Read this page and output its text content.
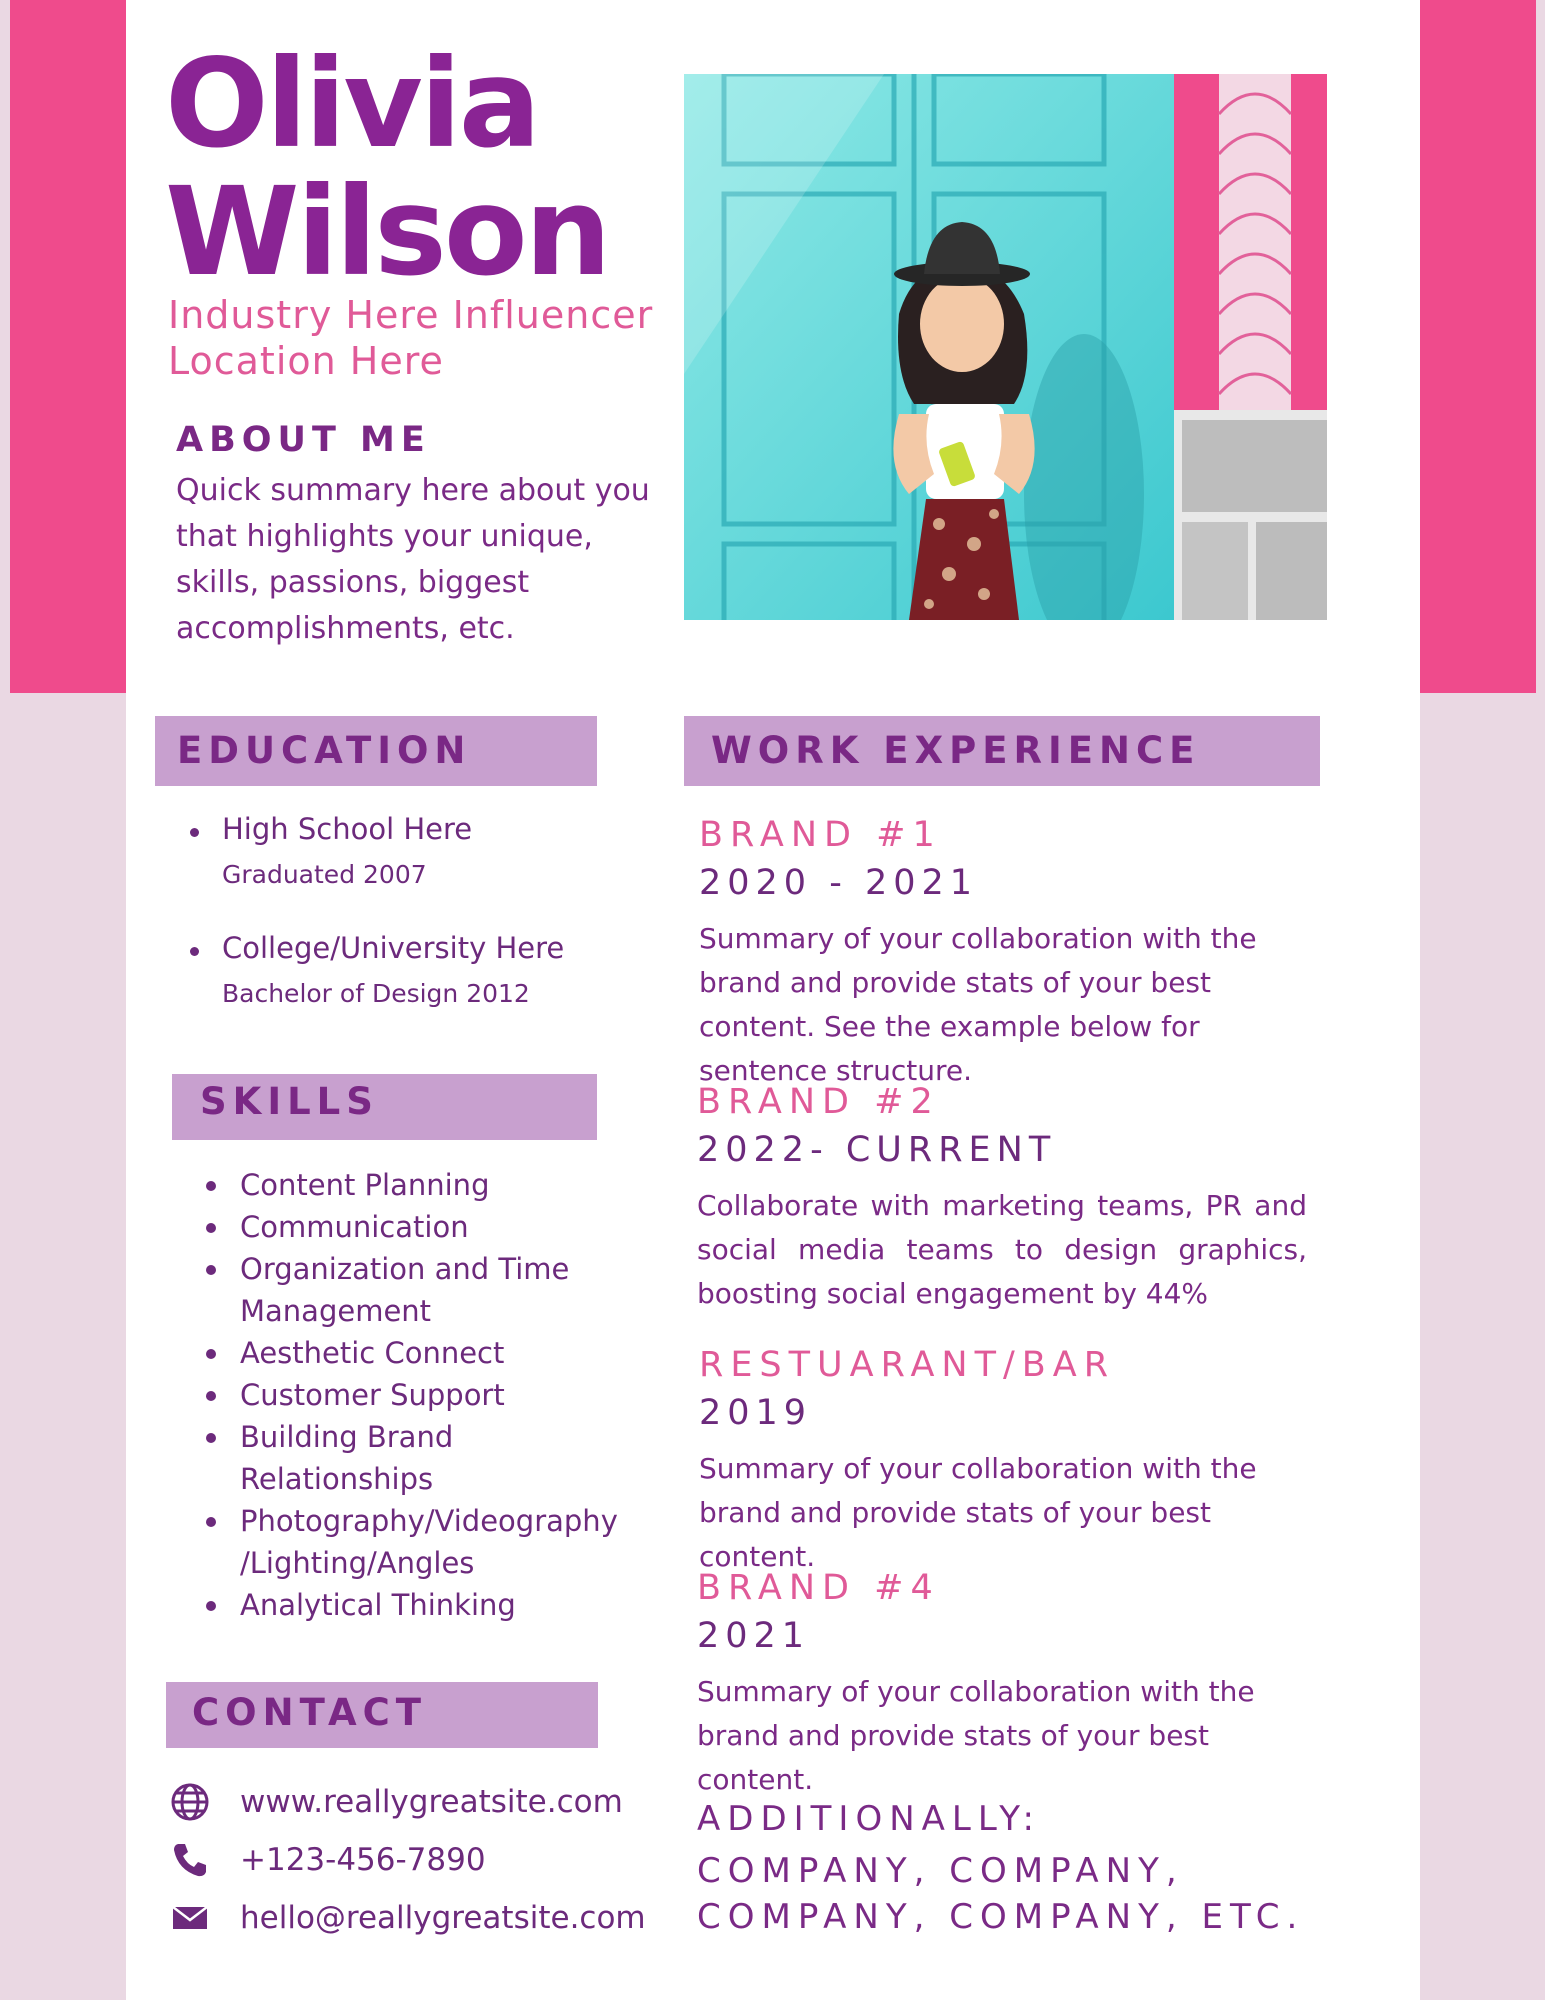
Olivia
Wilson
Industry Here Influencer
Location Here
ABOUT ME
Quick summary here about you
that highlights your unique,
skills, passions, biggest
accomplishments, etc.
EDUCATION
High School Here
Graduated 2007
College/University Here
Bachelor of Design 2012
SKILLS
Content Planning
Communication
Organization and Time Management
Aesthetic Connect
Customer Support
Building Brand Relationships
Photography/Videography /Lighting/Angles
Analytical Thinking
CONTACT
www.reallygreatsite.com
+123-456-7890
hello@reallygreatsite.com
WORK EXPERIENCE
BRAND #1
2020 - 2021
Summary of your collaboration with the brand and provide stats of your best content. See the example below for sentence structure.
BRAND #2
2022- CURRENT
Collaborate with marketing teams, PR and social media teams to design graphics, boosting social engagement by 44%
RESTUARANT/BAR
2019
Summary of your collaboration with the brand and provide stats of your best content.
BRAND #4
2021
Summary of your collaboration with the brand and provide stats of your best content.
ADDITIONALLY:
COMPANY, COMPANY,
COMPANY, COMPANY, ETC.
